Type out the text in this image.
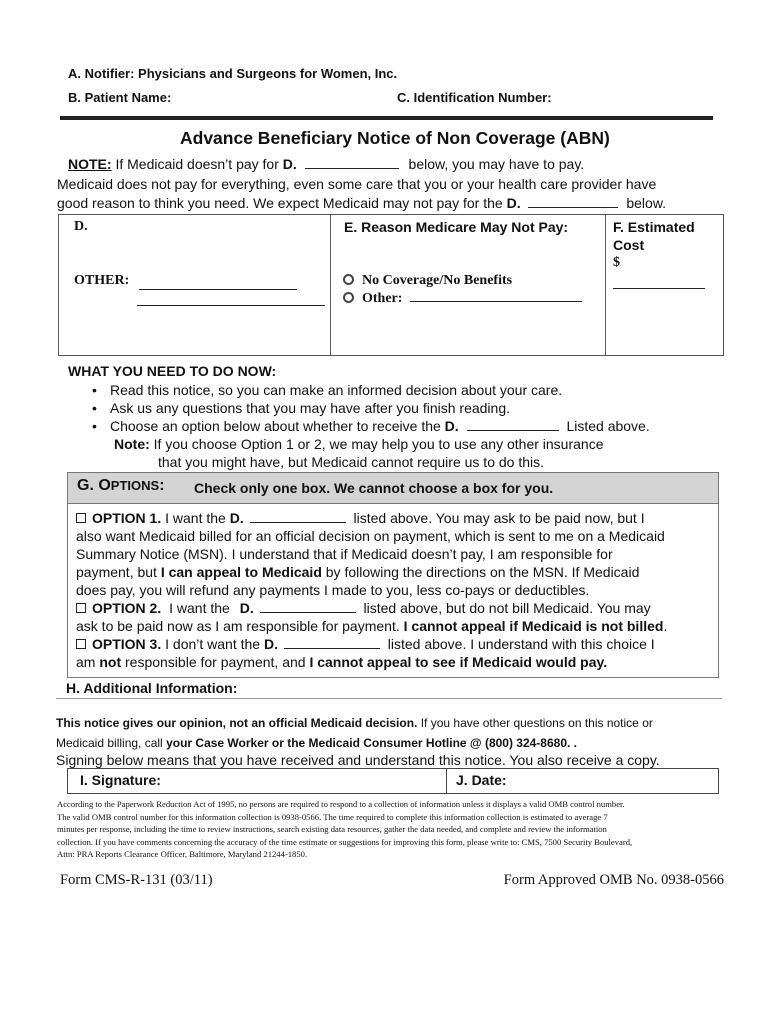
A. Notifier: Physicians and Surgeons for Women, Inc.
B. Patient Name:	C. Identification Number:
Advance Beneficiary Notice of Non Coverage (ABN)
NOTE: If Medicaid doesn’t pay for D.	below, you may have to pay.
Medicaid does not pay for everything, even some care that you or your health care provider have
good reason to think you need. We expect Medicaid may not pay for the D.	below.
D.	E. Reason Medicare May Not Pay:	F. Estimated
Cost
$
OTHER:	No Coverage/No Benefits
Other:
WHAT YOU NEED TO DO NOW:
• Read this notice, so you can make an informed decision about your care.
• Ask us any questions that you may have after you finish reading.
• Choose an option below about whether to receive the D.	Listed above.
Note: If you choose Option 1 or 2, we may help you to use any other insurance
that you might have, but Medicaid cannot require us to do this.
G. OPTIONS: Check only one box. We cannot choose a box for you.
OPTION 1. I want the D.	listed above. You may ask to be paid now, but I
also want Medicaid billed for an official decision on payment, which is sent to me on a Medicaid
Summary Notice (MSN). I understand that if Medicaid doesn’t pay, I am responsible for
payment, but I can appeal to Medicaid by following the directions on the MSN. If Medicaid
does pay, you will refund any payments I made to you, less co-pays or deductibles.
OPTION 2. I want the D.	listed above, but do not bill Medicaid. You may
ask to be paid now as I am responsible for payment. I cannot appeal if Medicaid is not billed.
OPTION 3. I don’t want the D.	listed above. I understand with this choice I
am not responsible for payment, and I cannot appeal to see if Medicaid would pay.
H. Additional Information:
This notice gives our opinion, not an official Medicaid decision. If you have other questions on this notice or
Medicaid billing, call your Case Worker or the Medicaid Consumer Hotline @ (800) 324-8680. .
Signing below means that you have received and understand this notice. You also receive a copy.
I. Signature:	J. Date:
According to the Paperwork Reduction Act of 1995, no persons are required to respond to a collection of information unless it displays a valid OMB control number.
The valid OMB control number for this information collection is 0938-0566. The time required to complete this information collection is estimated to average 7
minutes per response, including the time to review instructions, search existing data resources, gather the data needed, and complete and review the information
collection. If you have comments concerning the accuracy of the time estimate or suggestions for improving this form, please write to: CMS, 7500 Security Boulevard,
Attn: PRA Reports Clearance Officer, Baltimore, Maryland 21244-1850.
Form CMS-R-131 (03/11)	Form Approved OMB No. 0938-0566
